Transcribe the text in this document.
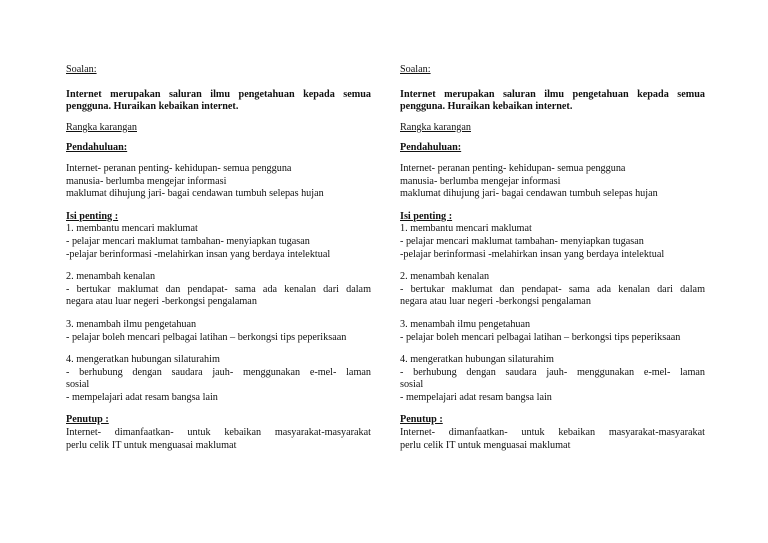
Soalan:
Internet merupakan saluran ilmu pengetahuan kepada semua
pengguna. Huraikan kebaikan internet.
Rangka karangan
Pendahuluan:
Internet- peranan penting- kehidupan- semua pengguna
manusia- berlumba mengejar informasi
maklumat dihujung jari- bagai cendawan tumbuh selepas hujan
Isi penting :
1. membantu mencari maklumat
- pelajar mencari maklumat tambahan- menyiapkan tugasan
-pelajar berinformasi -melahirkan insan yang berdaya intelektual
2. menambah kenalan
- bertukar maklumat dan pendapat- sama ada kenalan dari dalam
negara atau luar negeri -berkongsi pengalaman
3. menambah ilmu pengetahuan
- pelajar boleh mencari pelbagai latihan – berkongsi tips peperiksaan
4. mengeratkan hubungan silaturahim
- berhubung dengan saudara jauh- menggunakan e-mel- laman
sosial
- mempelajari adat resam bangsa lain
Penutup :
Internet- dimanfaatkan- untuk kebaikan masyarakat-masyarakat
perlu celik IT untuk menguasai maklumat
Soalan:
Internet merupakan saluran ilmu pengetahuan kepada semua
pengguna. Huraikan kebaikan internet.
Rangka karangan
Pendahuluan:
Internet- peranan penting- kehidupan- semua pengguna
manusia- berlumba mengejar informasi
maklumat dihujung jari- bagai cendawan tumbuh selepas hujan
Isi penting :
1. membantu mencari maklumat
- pelajar mencari maklumat tambahan- menyiapkan tugasan
-pelajar berinformasi -melahirkan insan yang berdaya intelektual
2. menambah kenalan
- bertukar maklumat dan pendapat- sama ada kenalan dari dalam
negara atau luar negeri -berkongsi pengalaman
3. menambah ilmu pengetahuan
- pelajar boleh mencari pelbagai latihan – berkongsi tips peperiksaan
4. mengeratkan hubungan silaturahim
- berhubung dengan saudara jauh- menggunakan e-mel- laman
sosial
- mempelajari adat resam bangsa lain
Penutup :
Internet- dimanfaatkan- untuk kebaikan masyarakat-masyarakat
perlu celik IT untuk menguasai maklumat
